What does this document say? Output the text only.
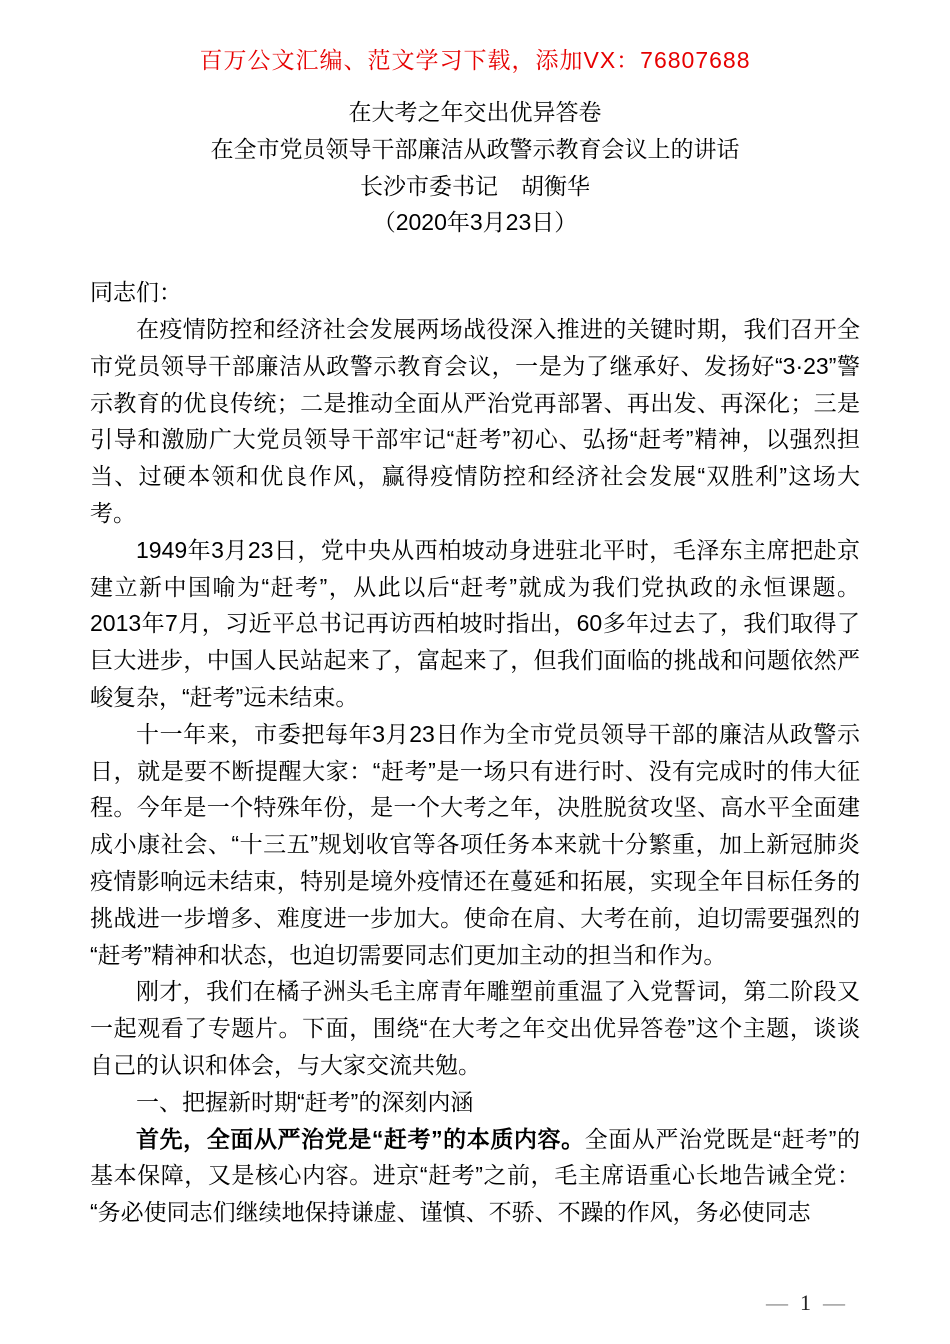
百万公文汇编、范文学习下载，添加VX：76807688
在大考之年交出优异答卷
在全市党员领导干部廉洁从政警示教育会议上的讲话
长沙市委书记　胡衡华
（2020年3月23日）

同志们：

在疫情防控和经济社会发展两场战役深入推进的关键时期，我们召开全市党员领导干部廉洁从政警示教育会议，一是为了继承好、发扬好“3·23”警示教育的优良传统；二是推动全面从严治党再部署、再出发、再深化；三是引导和激励广大党员领导干部牢记“赶考”初心、弘扬“赶考”精神，以强烈担当、过硬本领和优良作风，赢得疫情防控和经济社会发展“双胜利”这场大考。

1949年3月23日，党中央从西柏坡动身进驻北平时，毛泽东主席把赴京建立新中国喻为“赶考”，从此以后“赶考”就成为我们党执政的永恒课题。2013年7月，习近平总书记再访西柏坡时指出，60多年过去了，我们取得了巨大进步，中国人民站起来了，富起来了，但我们面临的挑战和问题依然严峻复杂，“赶考”远未结束。

十一年来，市委把每年3月23日作为全市党员领导干部的廉洁从政警示日，就是要不断提醒大家：“赶考”是一场只有进行时、没有完成时的伟大征程。今年是一个特殊年份，是一个大考之年，决胜脱贫攻坚、高水平全面建成小康社会、“十三五”规划收官等各项任务本来就十分繁重，加上新冠肺炎疫情影响远未结束，特别是境外疫情还在蔓延和拓展，实现全年目标任务的挑战进一步增多、难度进一步加大。使命在肩、大考在前，迫切需要强烈的“赶考”精神和状态，也迫切需要同志们更加主动的担当和作为。

刚才，我们在橘子洲头毛主席青年雕塑前重温了入党誓词，第二阶段又一起观看了专题片。下面，围绕“在大考之年交出优异答卷”这个主题，谈谈自己的认识和体会，与大家交流共勉。

一、把握新时期“赶考”的深刻内涵

首先，全面从严治党是“赶考”的本质内容。全面从严治党既是“赶考”的基本保障，又是核心内容。进京“赶考”之前，毛主席语重心长地告诫全党：“务必使同志们继续地保持谦虚、谨慎、不骄、不躁的作风，务必使同志

— 1 —
